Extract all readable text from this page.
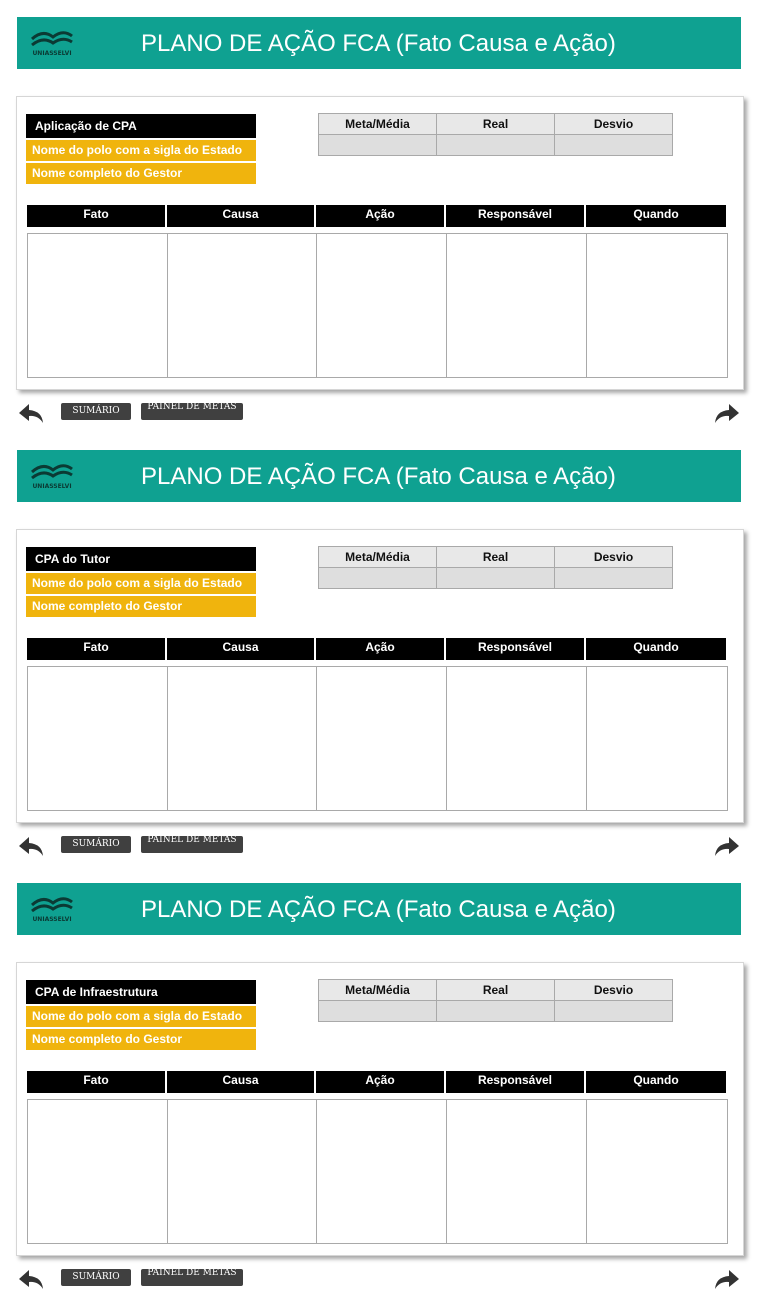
UNIASSELVI	PLANO DE AÇÃO FCA (Fato Causa e Ação)
Aplicação de CPA
Nome do polo com a sigla do Estado
Nome completo do Gestor
Meta/Média	Real	Desvio

Fato	Causa	Ação	Responsável	Quando
SUMÁRIO	PAINEL DE METAS
UNIASSELVI	PLANO DE AÇÃO FCA (Fato Causa e Ação)
CPA do Tutor
Nome do polo com a sigla do Estado
Nome completo do Gestor
Meta/Média	Real	Desvio

Fato	Causa	Ação	Responsável	Quando
SUMÁRIO	PAINEL DE METAS
UNIASSELVI	PLANO DE AÇÃO FCA (Fato Causa e Ação)
CPA de Infraestrutura
Nome do polo com a sigla do Estado
Nome completo do Gestor
Meta/Média	Real	Desvio

Fato	Causa	Ação	Responsável	Quando
SUMÁRIO	PAINEL DE METAS
